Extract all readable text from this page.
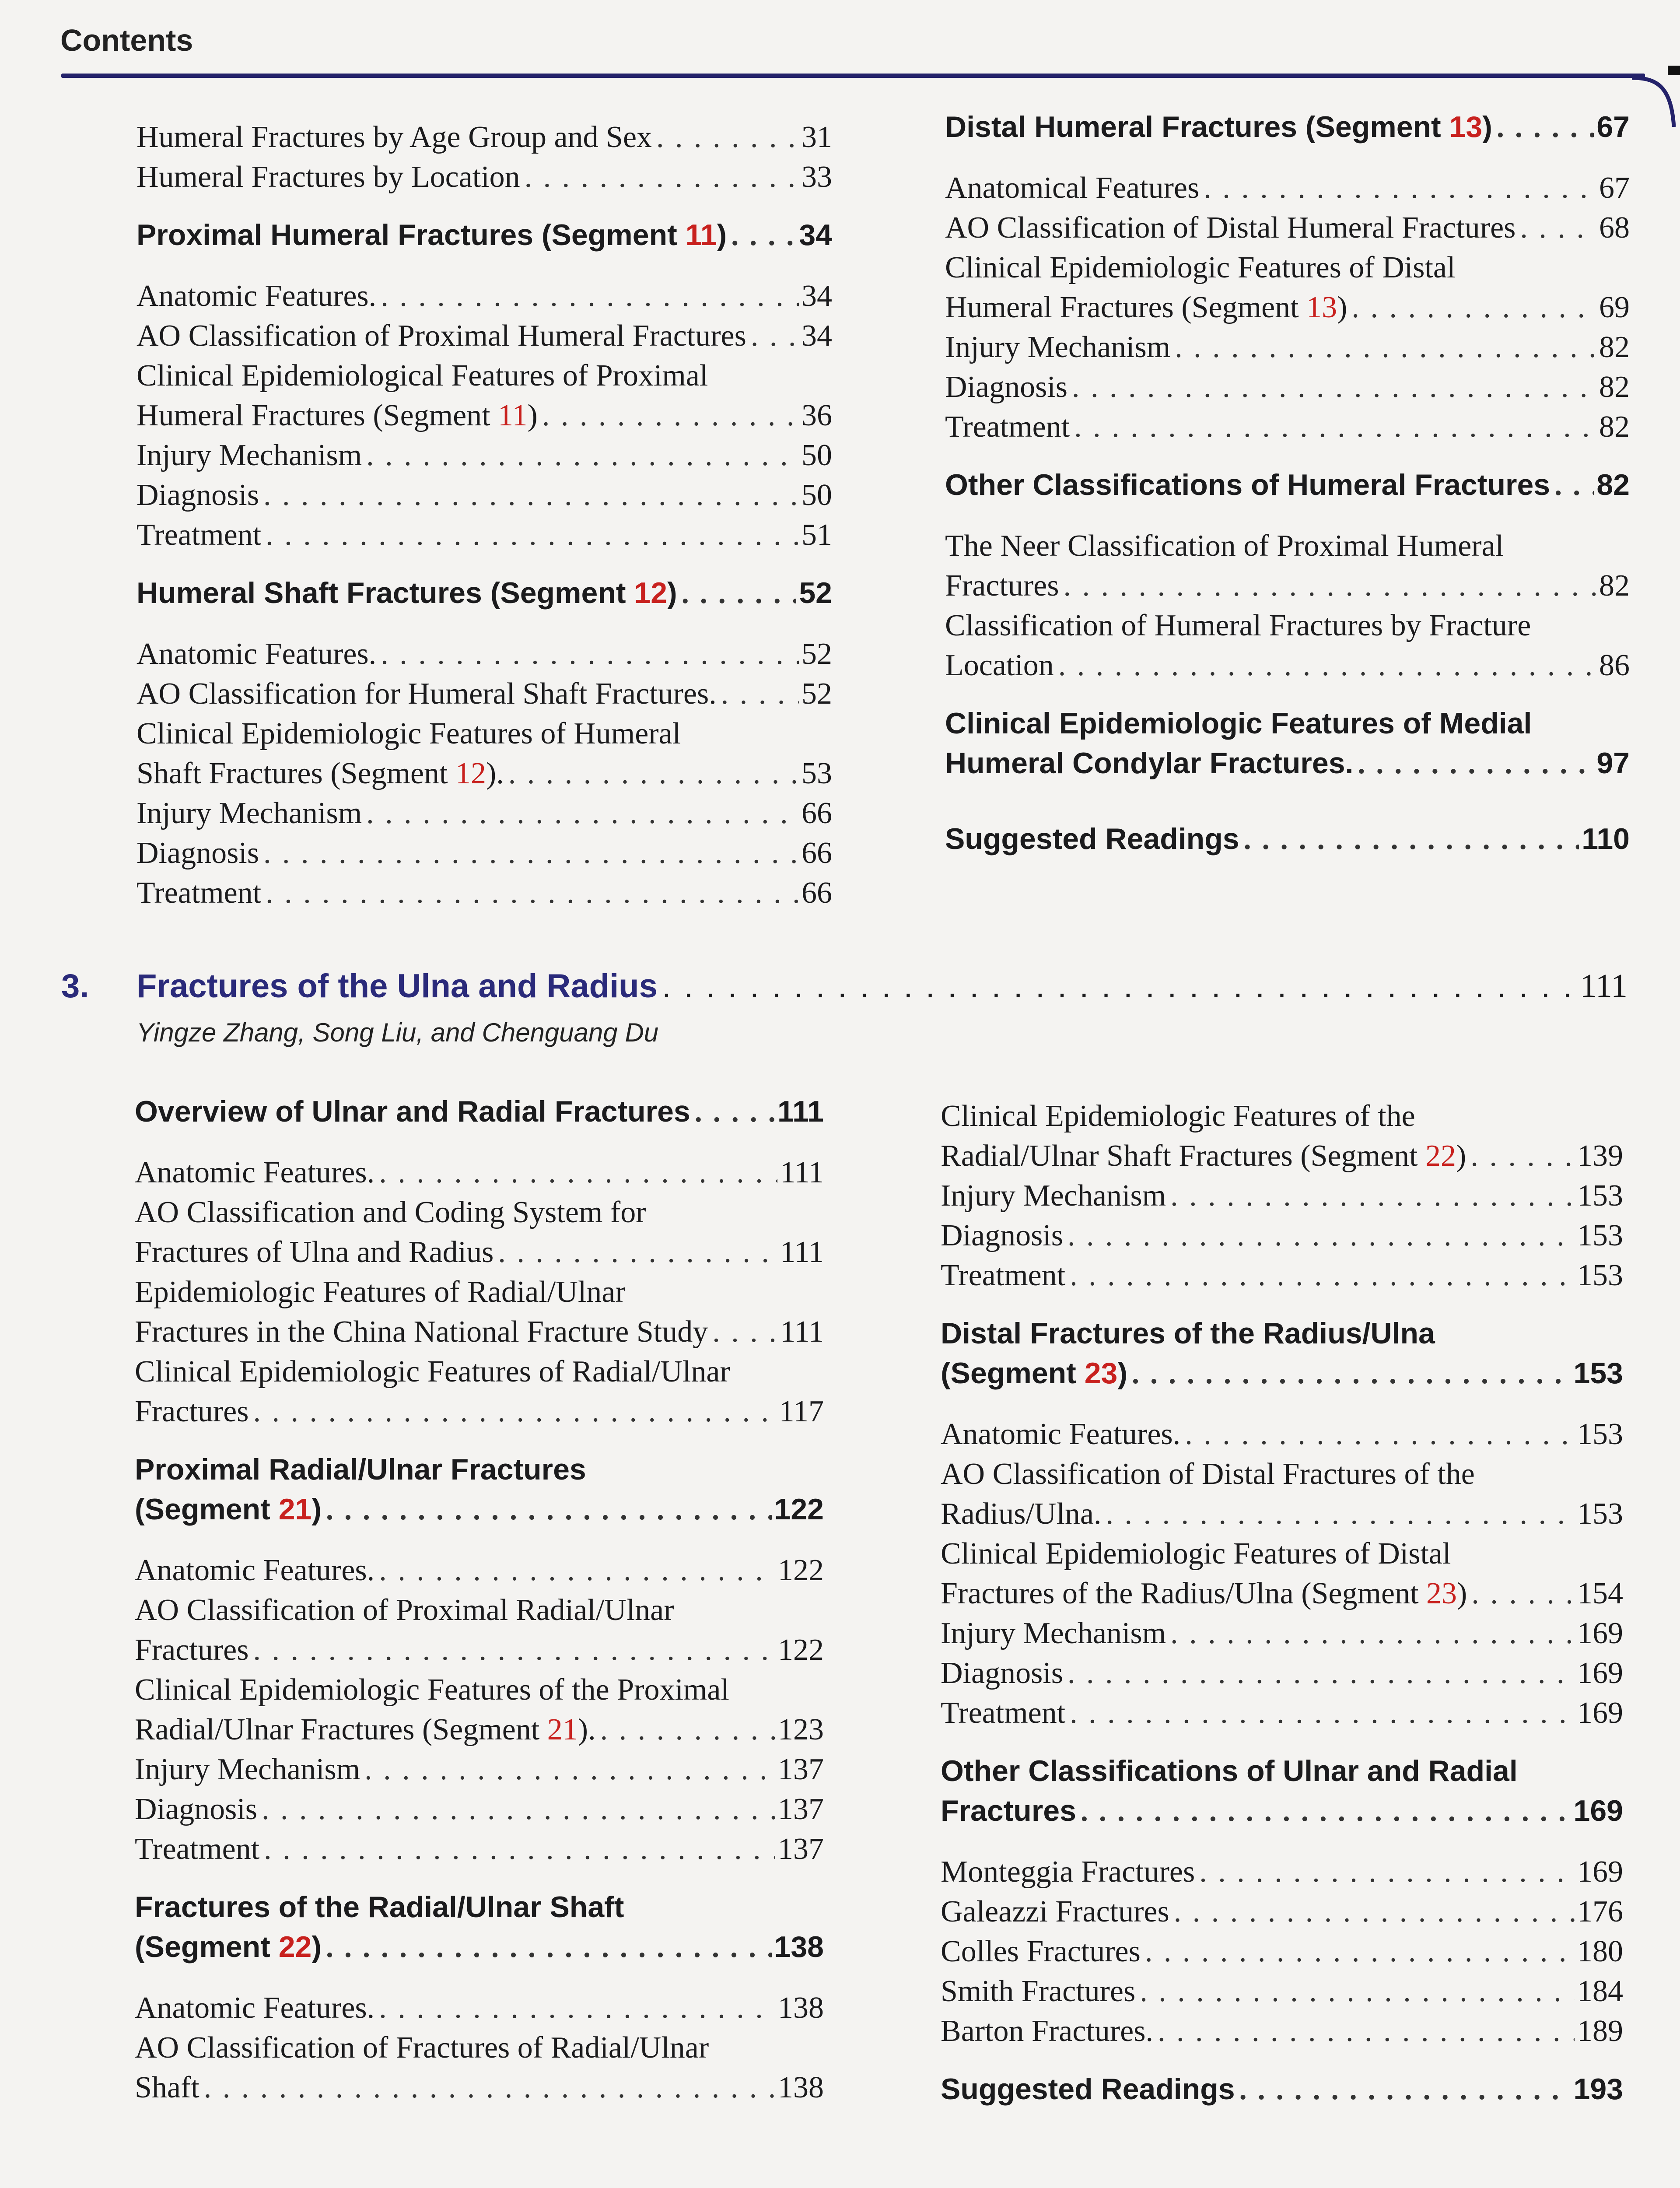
Contents
Humeral Fractures by Age Group and Sex . . .	31
Humeral Fractures by Location . . .	33
Proximal Humeral Fractures (Segment 11) . . . 34
Anatomic Features. . . .	34
AO Classification of Proximal Humeral Fractures . . . 34
Clinical Epidemiological Features of Proximal
Humeral Fractures (Segment 11) . . .	36
Injury Mechanism . . .	50
Diagnosis . . .	50
Treatment . . .	51
Humeral Shaft Fractures (Segment 12) . . .	52
Anatomic Features. . . .	52
AO Classification for Humeral Shaft Fractures. . . .	52
Clinical Epidemiologic Features of Humeral
Shaft Fractures (Segment 12). . . .	53
Injury Mechanism . . .	66
Diagnosis . . .	66
Treatment . . .	66
Distal Humeral Fractures (Segment 13) . . .	67
Anatomical Features . . .	67
AO Classification of Distal Humeral Fractures . . .	68
Clinical Epidemiologic Features of Distal
Humeral Fractures (Segment 13) . . .	69
Injury Mechanism . . .	82
Diagnosis . . .	82
Treatment . . .	82
Other Classifications of Humeral Fractures . . . 82
The Neer Classification of Proximal Humeral
Fractures . . .	82
Classification of Humeral Fractures by Fracture
Location . . .	86
Clinical Epidemiologic Features of Medial
Humeral Condylar Fractures. . . .	97
Suggested Readings . . .	110
3. Fractures of the Ulna and Radius . . .	111
Yingze Zhang, Song Liu, and Chenguang Du
Overview of Ulnar and Radial Fractures . . .	111
Anatomic Features. . . .	111
AO Classification and Coding System for
Fractures of Ulna and Radius . . .	111
Epidemiologic Features of Radial/Ulnar
Fractures in the China National Fracture Study . . . 111
Clinical Epidemiologic Features of Radial/Ulnar
Fractures . . .	117
Proximal Radial/Ulnar Fractures
(Segment 21) . . .	122
Anatomic Features. . . .	122
AO Classification of Proximal Radial/Ulnar
Fractures . . .	122
Clinical Epidemiologic Features of the Proximal
Radial/Ulnar Fractures (Segment 21). . . .	123
Injury Mechanism . . .	137
Diagnosis . . .	137
Treatment . . .	137
Fractures of the Radial/Ulnar Shaft
(Segment 22) . . .	138
Anatomic Features. . . .	138
AO Classification of Fractures of Radial/Ulnar
Shaft . . .	138
Clinical Epidemiologic Features of the
Radial/Ulnar Shaft Fractures (Segment 22) . . .	139
Injury Mechanism . . .	153
Diagnosis . . .	153
Treatment . . .	153
Distal Fractures of the Radius/Ulna
(Segment 23) . . .	153
Anatomic Features. . . .	153
AO Classification of Distal Fractures of the
Radius/Ulna. . . .	153
Clinical Epidemiologic Features of Distal
Fractures of the Radius/Ulna (Segment 23) . . .	154
Injury Mechanism . . .	169
Diagnosis . . .	169
Treatment . . .	169
Other Classifications of Ulnar and Radial
Fractures . . .	169
Monteggia Fractures . . .	169
Galeazzi Fractures . . .	176
Colles Fractures . . .	180
Smith Fractures . . .	184
Barton Fractures. . . .	189
Suggested Readings . . .	193
